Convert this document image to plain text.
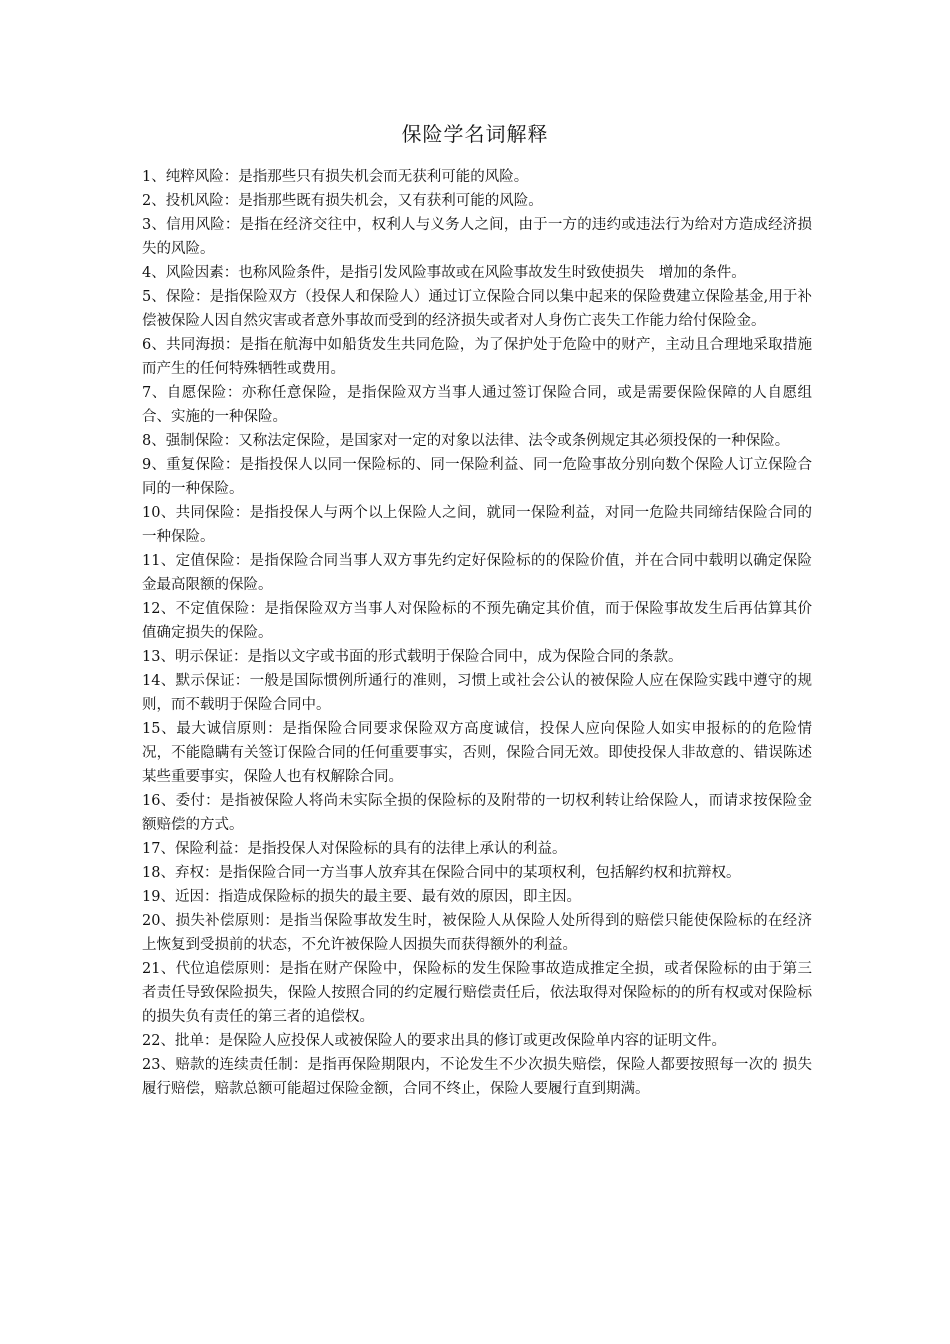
保险学名词解释

1、纯粹风险：是指那些只有损失机会而无获利可能的风险。

2、投机风险：是指那些既有损失机会，又有获利可能的风险。

3、信用风险：是指在经济交往中，权利人与义务人之间，由于一方的违约或违法行为给对方造成经济损失的风险。

4、风险因素：也称风险条件，是指引发风险事故或在风险事故发生时致使损失　增加的条件。

5、保险：是指保险双方（投保人和保险人）通过订立保险合同以集中起来的保险费建立保险基金,用于补偿被保险人因自然灾害或者意外事故而受到的经济损失或者对人身伤亡丧失工作能力给付保险金。

6、共同海损：是指在航海中如船货发生共同危险，为了保护处于危险中的财产，主动且合理地采取措施而产生的任何特殊牺牲或费用。

7、自愿保险：亦称任意保险，是指保险双方当事人通过签订保险合同，或是需要保险保障的人自愿组合、实施的一种保险。

8、强制保险：又称法定保险，是国家对一定的对象以法律、法令或条例规定其必须投保的一种保险。

9、重复保险：是指投保人以同一保险标的、同一保险利益、同一危险事故分别向数个保险人订立保险合同的一种保险。

10、共同保险：是指投保人与两个以上保险人之间，就同一保险利益，对同一危险共同缔结保险合同的一种保险。

11、定值保险：是指保险合同当事人双方事先约定好保险标的的保险价值，并在合同中载明以确定保险金最高限额的保险。

12、不定值保险：是指保险双方当事人对保险标的不预先确定其价值，而于保险事故发生后再估算其价值确定损失的保险。

13、明示保证：是指以文字或书面的形式载明于保险合同中，成为保险合同的条款。

14、默示保证：一般是国际惯例所通行的准则，习惯上或社会公认的被保险人应在保险实践中遵守的规则，而不载明于保险合同中。

15、最大诚信原则：是指保险合同要求保险双方高度诚信，投保人应向保险人如实申报标的的危险情况，不能隐瞒有关签订保险合同的任何重要事实，否则，保险合同无效。即使投保人非故意的、错误陈述某些重要事实，保险人也有权解除合同。

16、委付：是指被保险人将尚未实际全损的保险标的及附带的一切权利转让给保险人，而请求按保险金额赔偿的方式。

17、保险利益：是指投保人对保险标的具有的法律上承认的利益。

18、弃权：是指保险合同一方当事人放弃其在保险合同中的某项权利，包括解约权和抗辩权。

19、近因：指造成保险标的损失的最主要、最有效的原因，即主因。

20、损失补偿原则：是指当保险事故发生时，被保险人从保险人处所得到的赔偿只能使保险标的在经济上恢复到受损前的状态，不允许被保险人因损失而获得额外的利益。

21、代位追偿原则：是指在财产保险中，保险标的发生保险事故造成推定全损，或者保险标的由于第三者责任导致保险损失，保险人按照合同的约定履行赔偿责任后，依法取得对保险标的的所有权或对保险标的损失负有责任的第三者的追偿权。

22、批单：是保险人应投保人或被保险人的要求出具的修订或更改保险单内容的证明文件。

23、赔款的连续责任制：是指再保险期限内，不论发生不少次损失赔偿，保险人都要按照每一次的 损失履行赔偿，赔款总额可能超过保险金额，合同不终止，保险人要履行直到期满。
